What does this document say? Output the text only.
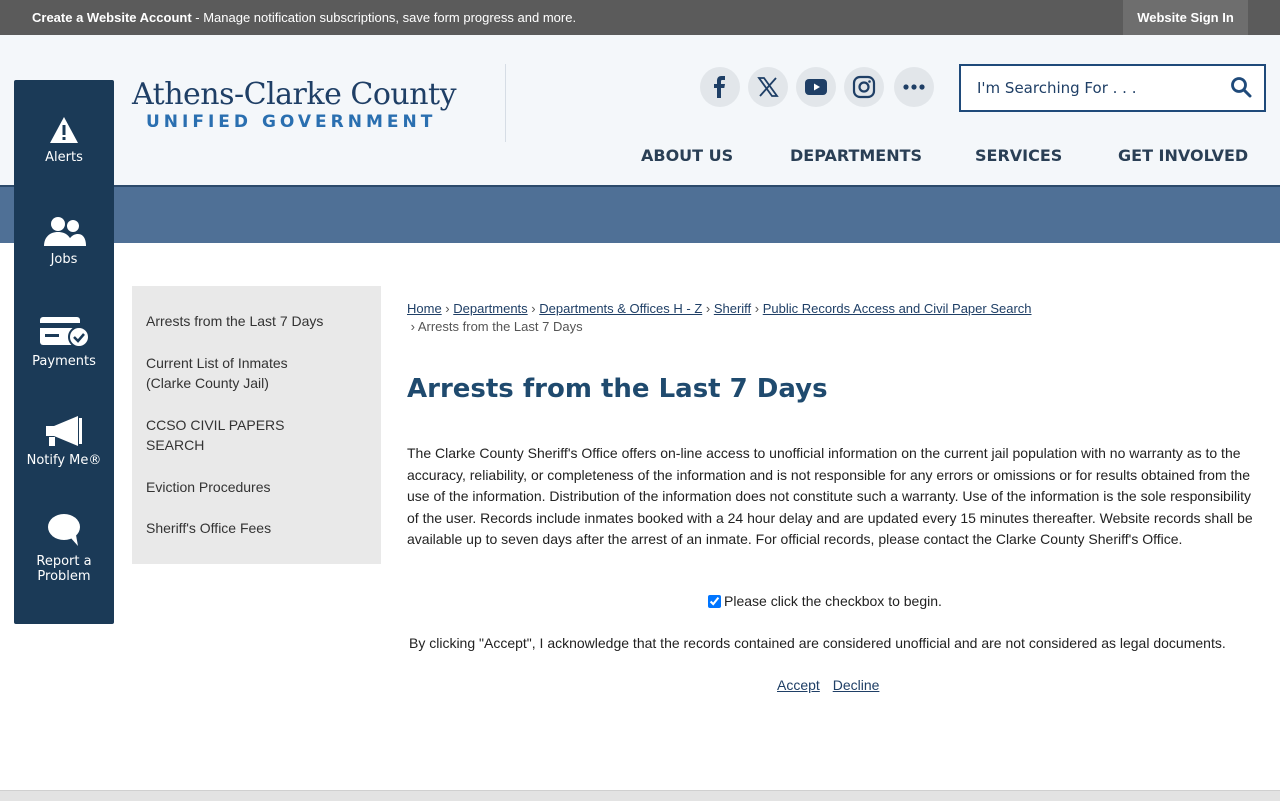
Create a Website Account - Manage notification subscriptions, save form progress and more.	Website Sign In
Athens-Clarke County
UNIFIED GOVERNMENT
I'm Searching For . . .
ABOUT US	DEPARTMENTS	SERVICES	GET INVOLVED
Alerts
Jobs
Payments
Notify Me®
Report a
Problem
Arrests from the Last 7 Days
Current List of Inmates (Clarke County Jail)
CCSO CIVIL PAPERS SEARCH
Eviction Procedures
Sheriff's Office Fees
Home › Departments › Departments & Offices H - Z › Sheriff › Public Records Access and Civil Paper Search
› Arrests from the Last 7 Days
Arrests from the Last 7 Days
The Clarke County Sheriff's Office offers on-line access to unofficial information on the current jail population with no warranty as to the accuracy, reliability, or completeness of the information and is not responsible for any errors or omissions or for results obtained from the use of the information. Distribution of the information does not constitute such a warranty. Use of the information is the sole responsibility of the user. Records include inmates booked with a 24 hour delay and are updated every 15 minutes thereafter. Website records shall be available up to seven days after the arrest of an inmate. For official records, please contact the Clarke County Sheriff's Office.
Please click the checkbox to begin.
By clicking "Accept", I acknowledge that the records contained are considered unofficial and are not considered as legal documents.
Accept Decline
